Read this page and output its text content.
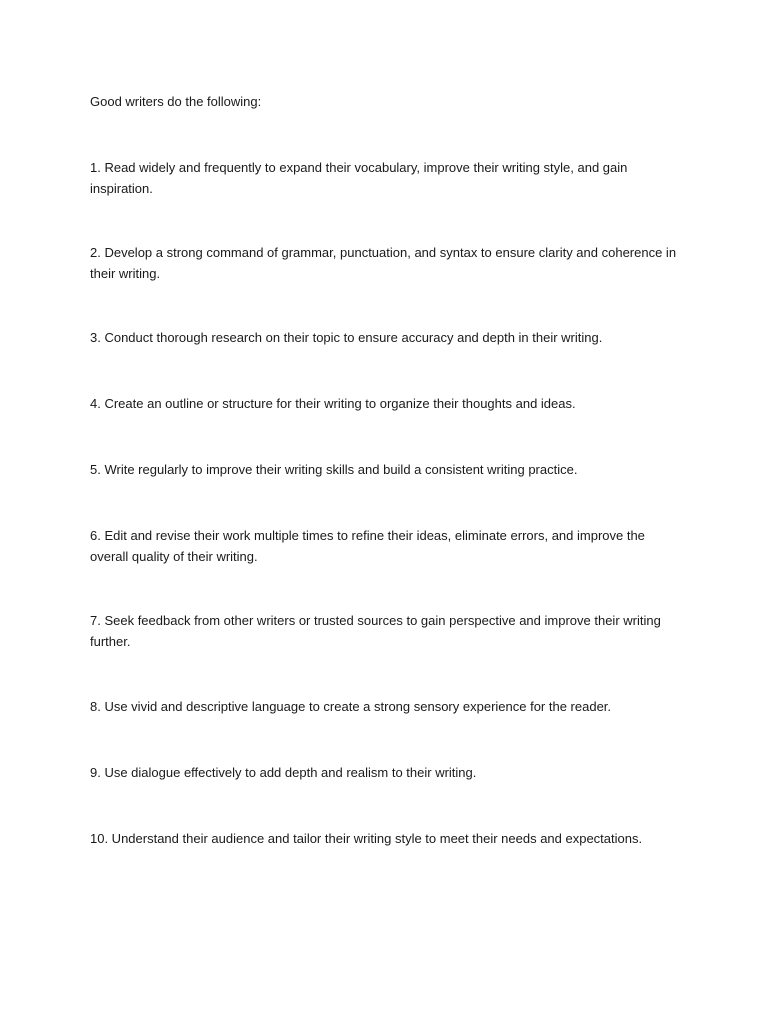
Good writers do the following:

1. Read widely and frequently to expand their vocabulary, improve their writing style, and gain inspiration.
2. Develop a strong command of grammar, punctuation, and syntax to ensure clarity and coherence in their writing.
3. Conduct thorough research on their topic to ensure accuracy and depth in their writing.
4. Create an outline or structure for their writing to organize their thoughts and ideas.
5. Write regularly to improve their writing skills and build a consistent writing practice.
6. Edit and revise their work multiple times to refine their ideas, eliminate errors, and improve the overall quality of their writing.
7. Seek feedback from other writers or trusted sources to gain perspective and improve their writing further.
8. Use vivid and descriptive language to create a strong sensory experience for the reader.
9. Use dialogue effectively to add depth and realism to their writing.
10. Understand their audience and tailor their writing style to meet their needs and expectations.
